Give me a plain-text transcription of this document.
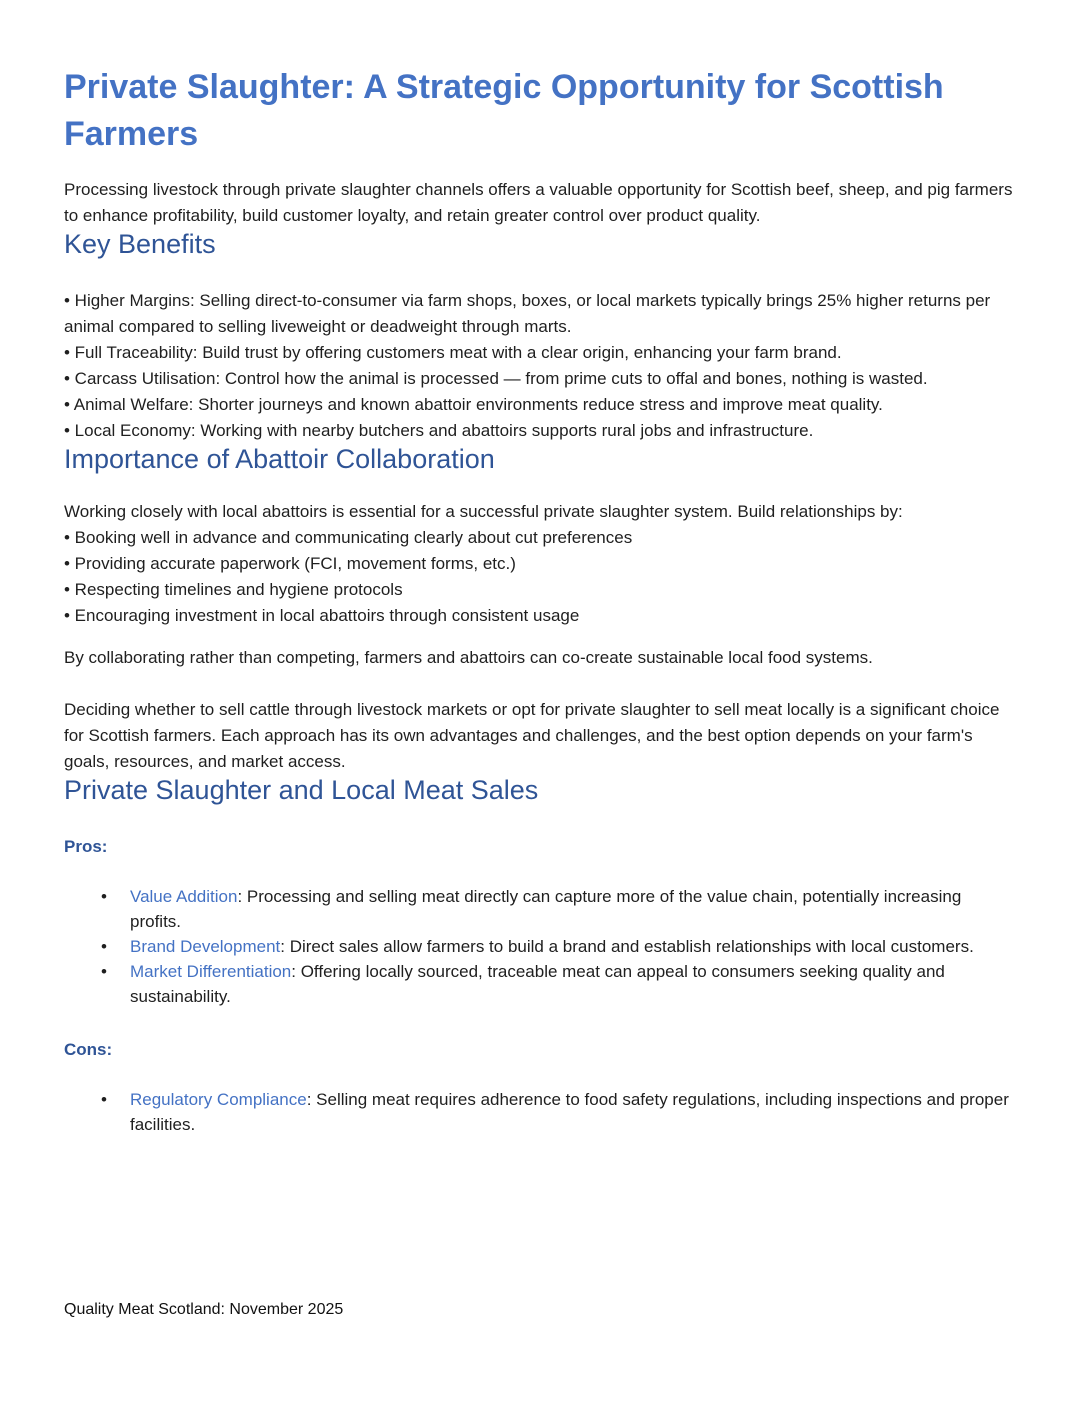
Private Slaughter: A Strategic Opportunity for Scottish Farmers

Processing livestock through private slaughter channels offers a valuable opportunity for Scottish beef, sheep, and pig farmers to enhance profitability, build customer loyalty, and retain greater control over product quality.

Key Benefits

• Higher Margins: Selling direct-to-consumer via farm shops, boxes, or local markets typically brings 25% higher returns per animal compared to selling liveweight or deadweight through marts.

• Full Traceability: Build trust by offering customers meat with a clear origin, enhancing your farm brand.

• Carcass Utilisation: Control how the animal is processed — from prime cuts to offal and bones, nothing is wasted.

• Animal Welfare: Shorter journeys and known abattoir environments reduce stress and improve meat quality.

• Local Economy: Working with nearby butchers and abattoirs supports rural jobs and infrastructure.

Importance of Abattoir Collaboration

Working closely with local abattoirs is essential for a successful private slaughter system. Build relationships by:

• Booking well in advance and communicating clearly about cut preferences

• Providing accurate paperwork (FCI, movement forms, etc.)

• Respecting timelines and hygiene protocols

• Encouraging investment in local abattoirs through consistent usage

By collaborating rather than competing, farmers and abattoirs can co-create sustainable local food systems.

Deciding whether to sell cattle through livestock markets or opt for private slaughter to sell meat locally is a significant choice for Scottish farmers. Each approach has its own advantages and challenges, and the best option depends on your farm's goals, resources, and market access.

Private Slaughter and Local Meat Sales

Pros:

• Value Addition: Processing and selling meat directly can capture more of the value chain, potentially increasing profits.
• Brand Development: Direct sales allow farmers to build a brand and establish relationships with local customers.
• Market Differentiation: Offering locally sourced, traceable meat can appeal to consumers seeking quality and sustainability.

Cons:

• Regulatory Compliance: Selling meat requires adherence to food safety regulations, including inspections and proper facilities.
Quality Meat Scotland: November 2025
